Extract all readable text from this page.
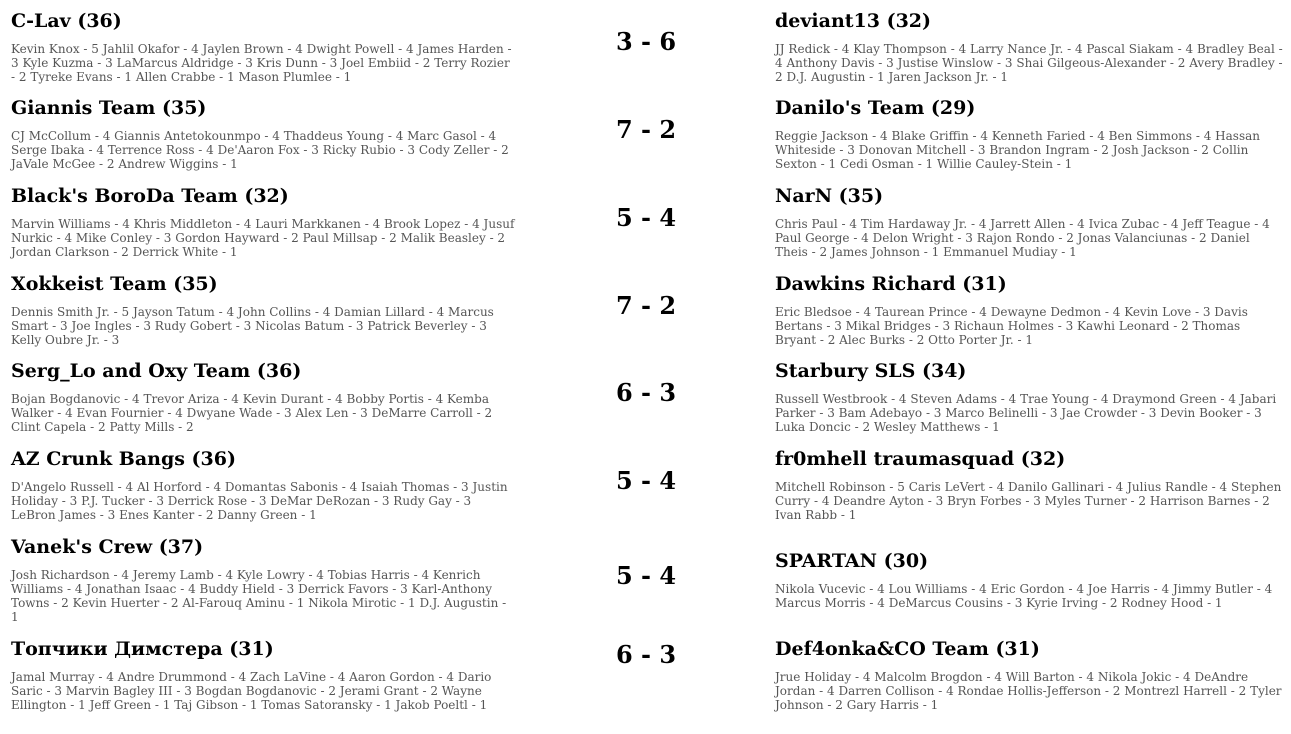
C-Lav (36)
Kevin Knox - 5 Jahlil Okafor - 4 Jaylen Brown - 4 Dwight Powell - 4 James Harden - 3 Kyle Kuzma - 3 LaMarcus Aldridge - 3 Kris Dunn - 3 Joel Embiid - 2 Terry Rozier - 2 Tyreke Evans - 1 Allen Crabbe - 1 Mason Plumlee - 1
3 - 6
deviant13 (32)
JJ Redick - 4 Klay Thompson - 4 Larry Nance Jr. - 4 Pascal Siakam - 4 Bradley Beal - 4 Anthony Davis - 3 Justise Winslow - 3 Shai Gilgeous-Alexander - 2 Avery Bradley - 2 D.J. Augustin - 1 Jaren Jackson Jr. - 1
Giannis Team (35)
CJ McCollum - 4 Giannis Antetokounmpo - 4 Thaddeus Young - 4 Marc Gasol - 4 Serge Ibaka - 4 Terrence Ross - 4 De'Aaron Fox - 3 Ricky Rubio - 3 Cody Zeller - 2 JaVale McGee - 2 Andrew Wiggins - 1
7 - 2
Danilo's Team (29)
Reggie Jackson - 4 Blake Griffin - 4 Kenneth Faried - 4 Ben Simmons - 4 Hassan Whiteside - 3 Donovan Mitchell - 3 Brandon Ingram - 2 Josh Jackson - 2 Collin Sexton - 1 Cedi Osman - 1 Willie Cauley-Stein - 1
Black's BoroDa Team (32)
Marvin Williams - 4 Khris Middleton - 4 Lauri Markkanen - 4 Brook Lopez - 4 Jusuf Nurkic - 4 Mike Conley - 3 Gordon Hayward - 2 Paul Millsap - 2 Malik Beasley - 2 Jordan Clarkson - 2 Derrick White - 1
5 - 4
NarN (35)
Chris Paul - 4 Tim Hardaway Jr. - 4 Jarrett Allen - 4 Ivica Zubac - 4 Jeff Teague - 4 Paul George - 4 Delon Wright - 3 Rajon Rondo - 2 Jonas Valanciunas - 2 Daniel Theis - 2 James Johnson - 1 Emmanuel Mudiay - 1
Xokkeist Team (35)
Dennis Smith Jr. - 5 Jayson Tatum - 4 John Collins - 4 Damian Lillard - 4 Marcus Smart - 3 Joe Ingles - 3 Rudy Gobert - 3 Nicolas Batum - 3 Patrick Beverley - 3 Kelly Oubre Jr. - 3
7 - 2
Dawkins Richard (31)
Eric Bledsoe - 4 Taurean Prince - 4 Dewayne Dedmon - 4 Kevin Love - 3 Davis Bertans - 3 Mikal Bridges - 3 Richaun Holmes - 3 Kawhi Leonard - 2 Thomas Bryant - 2 Alec Burks - 2 Otto Porter Jr. - 1
Serg_Lo and Oxy Team (36)
Bojan Bogdanovic - 4 Trevor Ariza - 4 Kevin Durant - 4 Bobby Portis - 4 Kemba Walker - 4 Evan Fournier - 4 Dwyane Wade - 3 Alex Len - 3 DeMarre Carroll - 2 Clint Capela - 2 Patty Mills - 2
6 - 3
Starbury SLS (34)
Russell Westbrook - 4 Steven Adams - 4 Trae Young - 4 Draymond Green - 4 Jabari Parker - 3 Bam Adebayo - 3 Marco Belinelli - 3 Jae Crowder - 3 Devin Booker - 3 Luka Doncic - 2 Wesley Matthews - 1
AZ Crunk Bangs (36)
D'Angelo Russell - 4 Al Horford - 4 Domantas Sabonis - 4 Isaiah Thomas - 3 Justin Holiday - 3 P.J. Tucker - 3 Derrick Rose - 3 DeMar DeRozan - 3 Rudy Gay - 3 LeBron James - 3 Enes Kanter - 2 Danny Green - 1
5 - 4
fr0mhell traumasquad (32)
Mitchell Robinson - 5 Caris LeVert - 4 Danilo Gallinari - 4 Julius Randle - 4 Stephen Curry - 4 Deandre Ayton - 3 Bryn Forbes - 3 Myles Turner - 2 Harrison Barnes - 2 Ivan Rabb - 1
Vanek's Crew (37)
Josh Richardson - 4 Jeremy Lamb - 4 Kyle Lowry - 4 Tobias Harris - 4 Kenrich Williams - 4 Jonathan Isaac - 4 Buddy Hield - 3 Derrick Favors - 3 Karl-Anthony Towns - 2 Kevin Huerter - 2 Al-Farouq Aminu - 1 Nikola Mirotic - 1 D.J. Augustin - 1
5 - 4	SPARTAN (30)
Nikola Vucevic - 4 Lou Williams - 4 Eric Gordon - 4 Joe Harris - 4 Jimmy Butler - 4 Marcus Morris - 4 DeMarcus Cousins - 3 Kyrie Irving - 2 Rodney Hood - 1
Топчики Димстера (31)
Jamal Murray - 4 Andre Drummond - 4 Zach LaVine - 4 Aaron Gordon - 4 Dario Saric - 3 Marvin Bagley III - 3 Bogdan Bogdanovic - 2 Jerami Grant - 2 Wayne Ellington - 1 Jeff Green - 1 Taj Gibson - 1 Tomas Satoransky - 1 Jakob Poeltl - 1
6 - 3	Def4onka&CO Team (31)
Jrue Holiday - 4 Malcolm Brogdon - 4 Will Barton - 4 Nikola Jokic - 4 DeAndre Jordan - 4 Darren Collison - 4 Rondae Hollis-Jefferson - 2 Montrezl Harrell - 2 Tyler Johnson - 2 Gary Harris - 1
